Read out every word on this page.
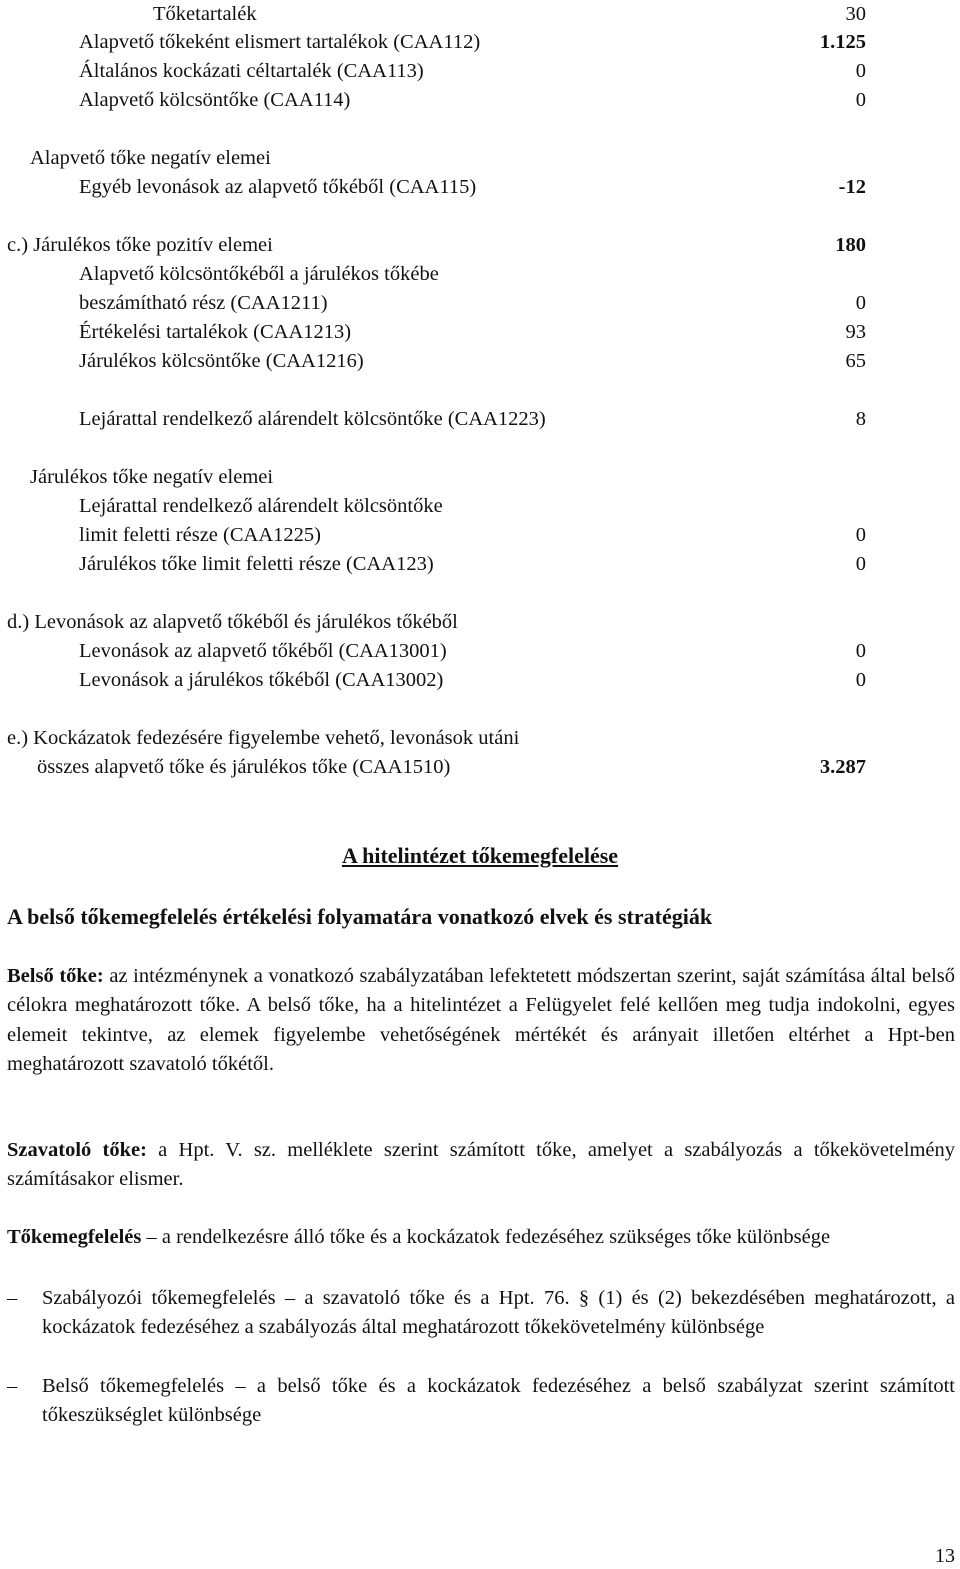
Tőketartalék	30
Alapvető tőkeként elismert tartalékok (CAA112)	1.125
Általános kockázati céltartalék (CAA113)	0
Alapvető kölcsöntőke (CAA114)	0
Alapvető tőke negatív elemei
Egyéb levonások az alapvető tőkéből (CAA115)	-12
c.) Járulékos tőke pozitív elemei	180
Alapvető kölcsöntőkéből a járulékos tőkébe
beszámítható rész (CAA1211)	0
Értékelési tartalékok (CAA1213)	93
Járulékos kölcsöntőke (CAA1216)	65
Lejárattal rendelkező alárendelt kölcsöntőke (CAA1223)	8
Járulékos tőke negatív elemei
Lejárattal rendelkező alárendelt kölcsöntőke
limit feletti része (CAA1225)	0
Járulékos tőke limit feletti része (CAA123)	0
d.) Levonások az alapvető tőkéből és járulékos tőkéből
Levonások az alapvető tőkéből (CAA13001)	0
Levonások a járulékos tőkéből (CAA13002)	0
e.) Kockázatok fedezésére figyelembe vehető, levonások utáni
összes alapvető tőke és járulékos tőke (CAA1510)	3.287
A hitelintézet tőkemegfelelése
A belső tőkemegfelelés értékelési folyamatára vonatkozó elvek és stratégiák
Belső tőke: az intézménynek a vonatkozó szabályzatában lefektetett módszertan szerint, saját számítása által belső célokra meghatározott tőke. A belső tőke, ha a hitelintézet a Felügyelet felé kellően meg tudja indokolni, egyes elemeit tekintve, az elemek figyelembe vehetőségének mértékét és arányait illetően eltérhet a Hpt-ben meghatározott szavatoló tőkétől.
Szavatoló tőke: a Hpt. V. sz. melléklete szerint számított tőke, amelyet a szabályozás a tőkekövetelmény számításakor elismer.
Tőkemegfelelés – a rendelkezésre álló tőke és a kockázatok fedezéséhez szükséges tőke különbsége
– Szabályozói tőkemegfelelés – a szavatoló tőke és a Hpt. 76. § (1) és (2) bekezdésében meghatározott, a kockázatok fedezéséhez a szabályozás által meghatározott tőkekövetelmény különbsége
– Belső tőkemegfelelés – a belső tőke és a kockázatok fedezéséhez a belső szabályzat szerint számított tőkeszükséglet különbsége
13
